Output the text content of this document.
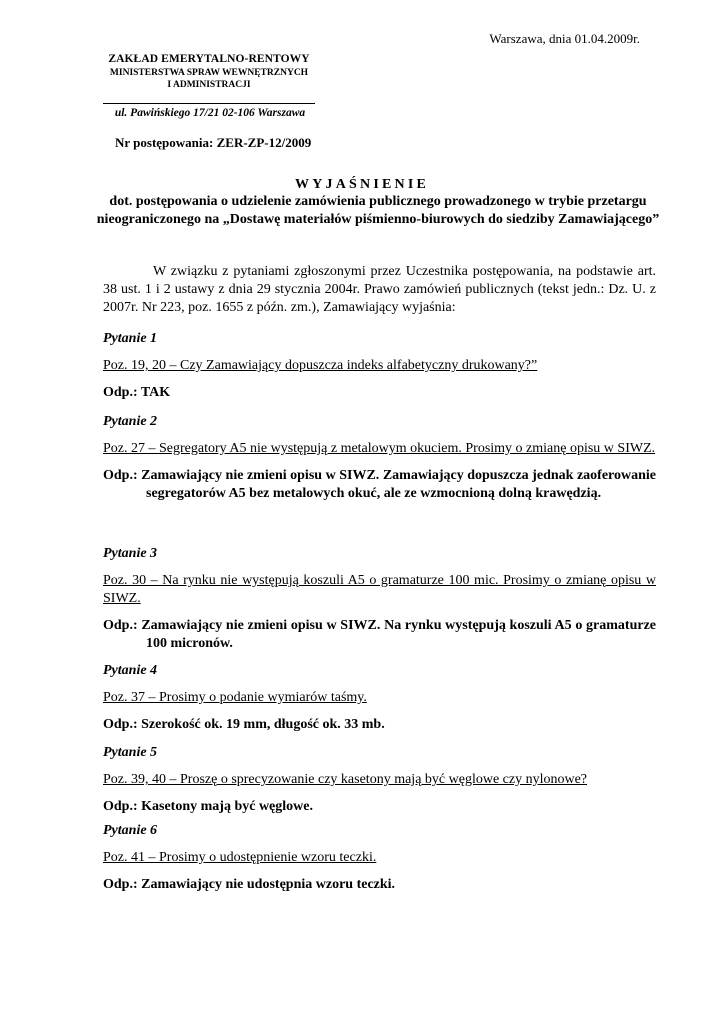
Warszawa, dnia 01.04.2009r.
ZAKŁAD EMERYTALNO-RENTOWY
MINISTERSTWA SPRAW WEWNĘTRZNYCH
I ADMINISTRACJI
ul. Pawińskiego 17/21 02-106 Warszawa
Nr postępowania: ZER-ZP-12/2009
WYJAŚNIENIE
dot. postępowania o udzielenie zamówienia publicznego prowadzonego w trybie przetargu nieograniczonego na „Dostawę materiałów piśmienno-biurowych do siedziby Zamawiającego”
W związku z pytaniami zgłoszonymi przez Uczestnika postępowania, na podstawie art. 38 ust. 1 i 2 ustawy z dnia 29 stycznia 2004r. Prawo zamówień publicznych (tekst jedn.: Dz. U. z 2007r. Nr 223, poz. 1655 z późn. zm.), Zamawiający wyjaśnia:

Pytanie 1

Poz. 19, 20 – Czy Zamawiający dopuszcza indeks alfabetyczny drukowany?”

Odp.: TAK

Pytanie 2

Poz. 27 – Segregatory A5 nie występują z metalowym okuciem. Prosimy o zmianę opisu w SIWZ.

Odp.: Zamawiający nie zmieni opisu w SIWZ. Zamawiający dopuszcza jednak zaoferowanie segregatorów A5 bez metalowych okuć, ale ze wzmocnioną dolną krawędzią.

Pytanie 3

Poz. 30 – Na rynku nie występują koszuli A5 o gramaturze 100 mic. Prosimy o zmianę opisu w SIWZ.

Odp.: Zamawiający nie zmieni opisu w SIWZ. Na rynku występują koszuli A5 o gramaturze 100 micronów.

Pytanie 4

Poz. 37 – Prosimy o podanie wymiarów taśmy.

Odp.: Szerokość ok. 19 mm, długość ok. 33 mb.

Pytanie 5

Poz. 39, 40 – Proszę o sprecyzowanie czy kasetony mają być węglowe czy nylonowe?

Odp.: Kasetony mają być węglowe.

Pytanie 6

Poz. 41 – Prosimy o udostępnienie wzoru teczki.

Odp.: Zamawiający nie udostępnia wzoru teczki.
